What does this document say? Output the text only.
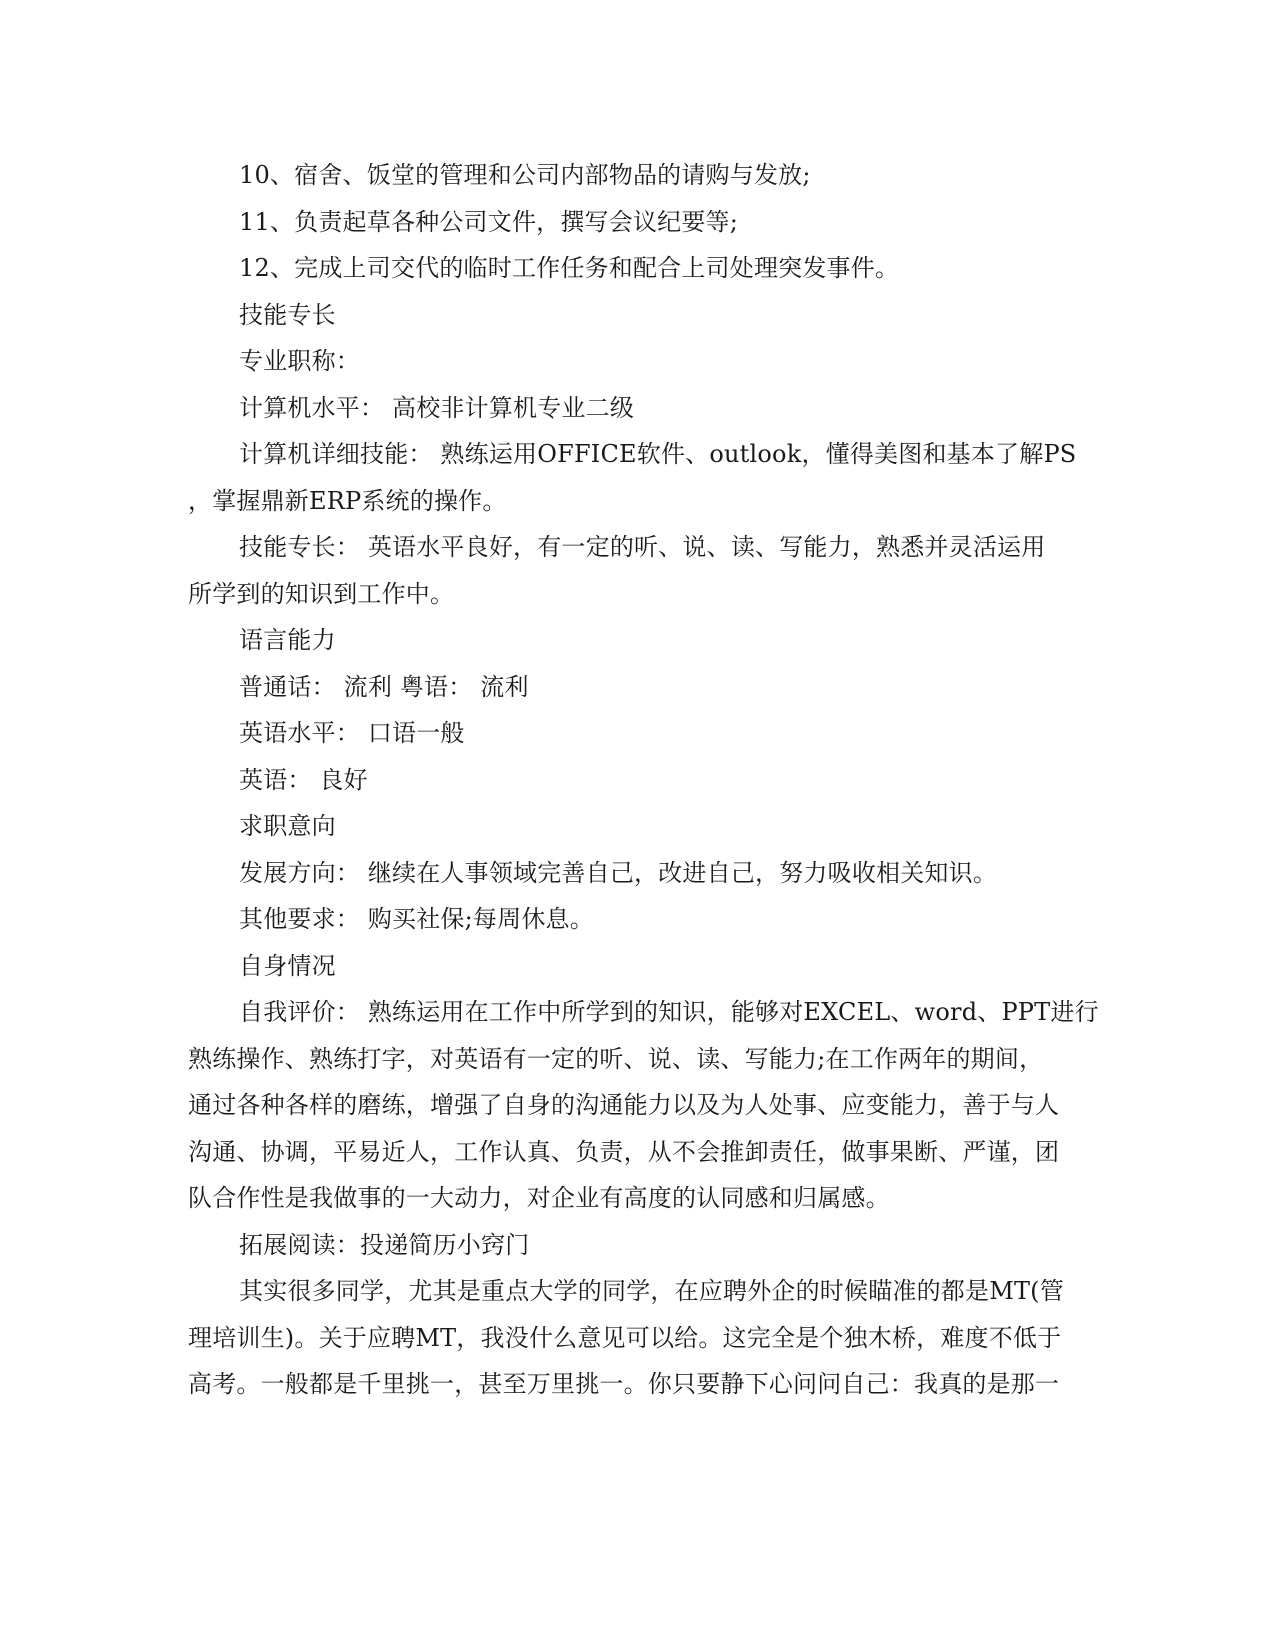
10、宿舍、饭堂的管理和公司内部物品的请购与发放;
11、负责起草各种公司文件，撰写会议纪要等;
12、完成上司交代的临时工作任务和配合上司处理突发事件。
技能专长
专业职称：
计算机水平： 高校非计算机专业二级
计算机详细技能： 熟练运用OFFICE软件、outlook，懂得美图和基本了解PS
，掌握鼎新ERP系统的操作。
技能专长： 英语水平良好，有一定的听、说、读、写能力，熟悉并灵活运用
所学到的知识到工作中。
语言能力
普通话： 流利 粤语： 流利
英语水平： 口语一般
英语： 良好
求职意向
发展方向： 继续在人事领域完善自己，改进自己，努力吸收相关知识。
其他要求： 购买社保;每周休息。
自身情况
自我评价： 熟练运用在工作中所学到的知识，能够对EXCEL、word、PPT进行
熟练操作、熟练打字，对英语有一定的听、说、读、写能力;在工作两年的期间，
通过各种各样的磨练，增强了自身的沟通能力以及为人处事、应变能力，善于与人
沟通、协调，平易近人，工作认真、负责，从不会推卸责任，做事果断、严谨，团
队合作性是我做事的一大动力，对企业有高度的认同感和归属感。
拓展阅读：投递简历小窍门
其实很多同学，尤其是重点大学的同学，在应聘外企的时候瞄准的都是MT(管
理培训生)。关于应聘MT，我没什么意见可以给。这完全是个独木桥，难度不低于
高考。一般都是千里挑一，甚至万里挑一。你只要静下心问问自己：我真的是那一
